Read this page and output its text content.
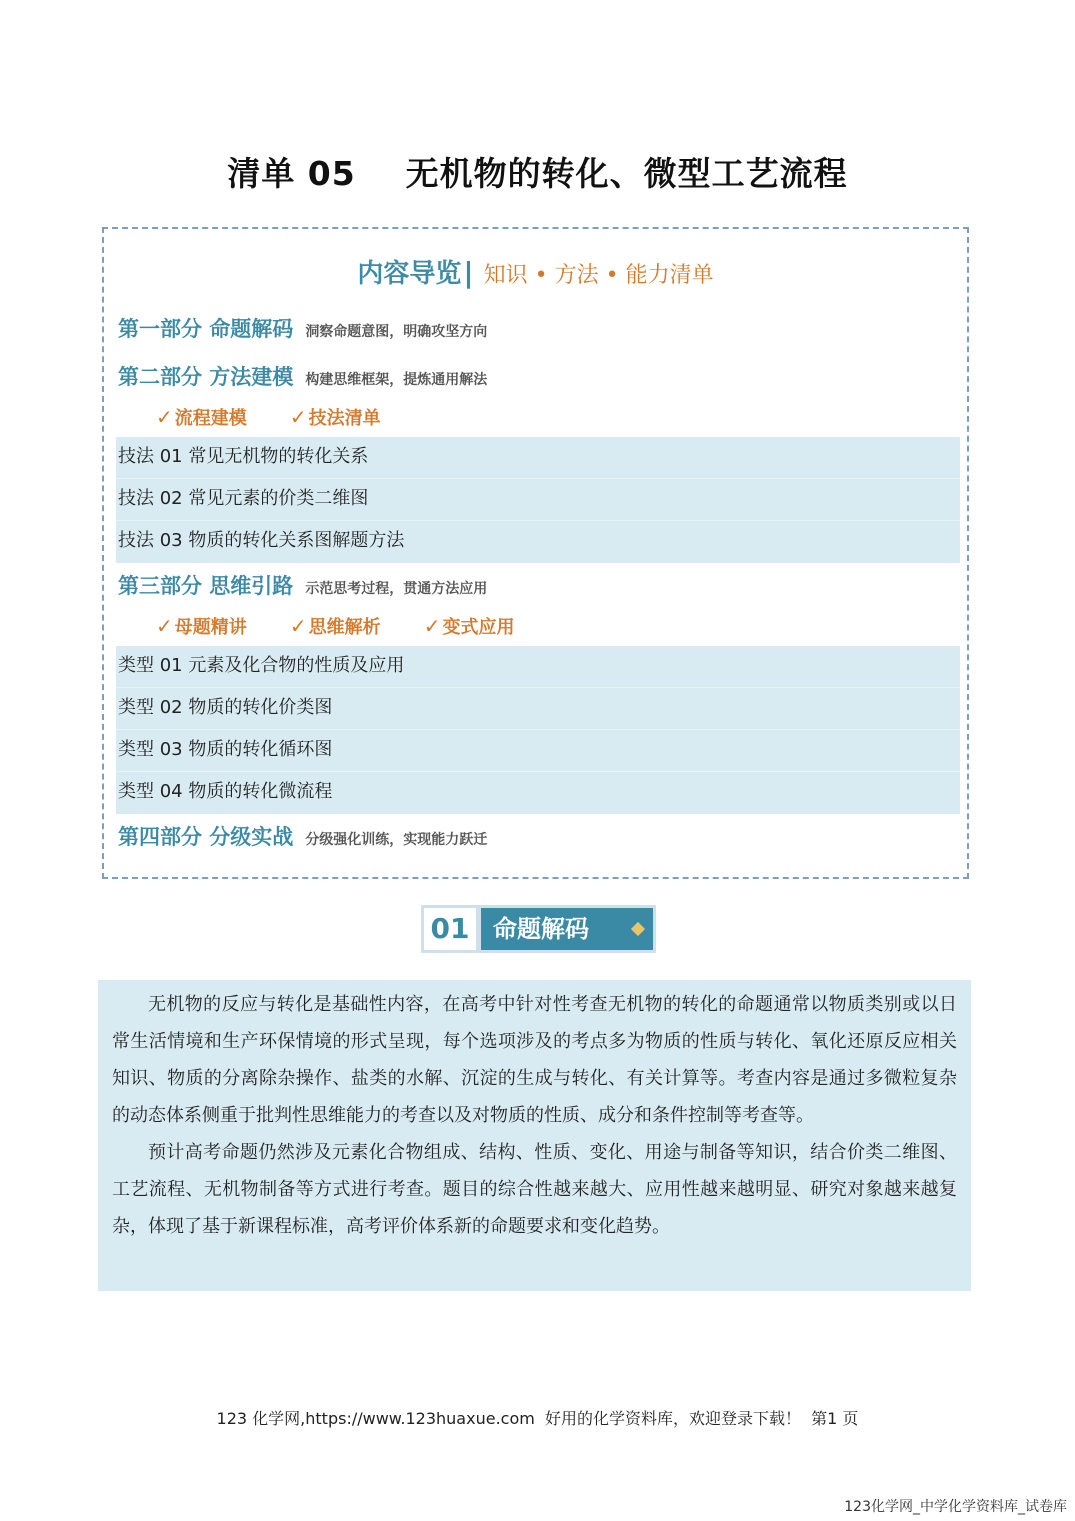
清单 05    无机物的转化、微型工艺流程
内容导览| 知识 • 方法 • 能力清单
第一部分 命题解码 洞察命题意图，明确攻坚方向
第二部分 方法建模 构建思维框架，提炼通用解法
✓ 流程建模 ✓ 技法清单
技法 01 常见无机物的转化关系
技法 02 常见元素的价类二维图
技法 03 物质的转化关系图解题方法
第三部分 思维引路 示范思考过程，贯通方法应用
✓ 母题精讲 ✓ 思维解析 ✓ 变式应用
类型 01 元素及化合物的性质及应用
类型 02 物质的转化价类图
类型 03 物质的转化循环图
类型 04 物质的转化微流程
第四部分 分级实战 分级强化训练，实现能力跃迁
01 命题解码

无机物的反应与转化是基础性内容，在高考中针对性考查无机物的转化的命题通常以物质类别或以日常生活情境和生产环保情境的形式呈现，每个选项涉及的考点多为物质的性质与转化、氧化还原反应相关知识、物质的分离除杂操作、盐类的水解、沉淀的生成与转化、有关计算等。考查内容是通过多微粒复杂的动态体系侧重于批判性思维能力的考查以及对物质的性质、成分和条件控制等考查等。

预计高考命题仍然涉及元素化合物组成、结构、性质、变化、用途与制备等知识，结合价类二维图、工艺流程、无机物制备等方式进行考查。题目的综合性越来越大、应用性越来越明显、研究对象越来越复杂，体现了基于新课程标准，高考评价体系新的命题要求和变化趋势。

123 化学网,https://www.123huaxue.com  好用的化学资料库，欢迎登录下载！  第1 页
123化学网_中学化学资料库_试卷库
